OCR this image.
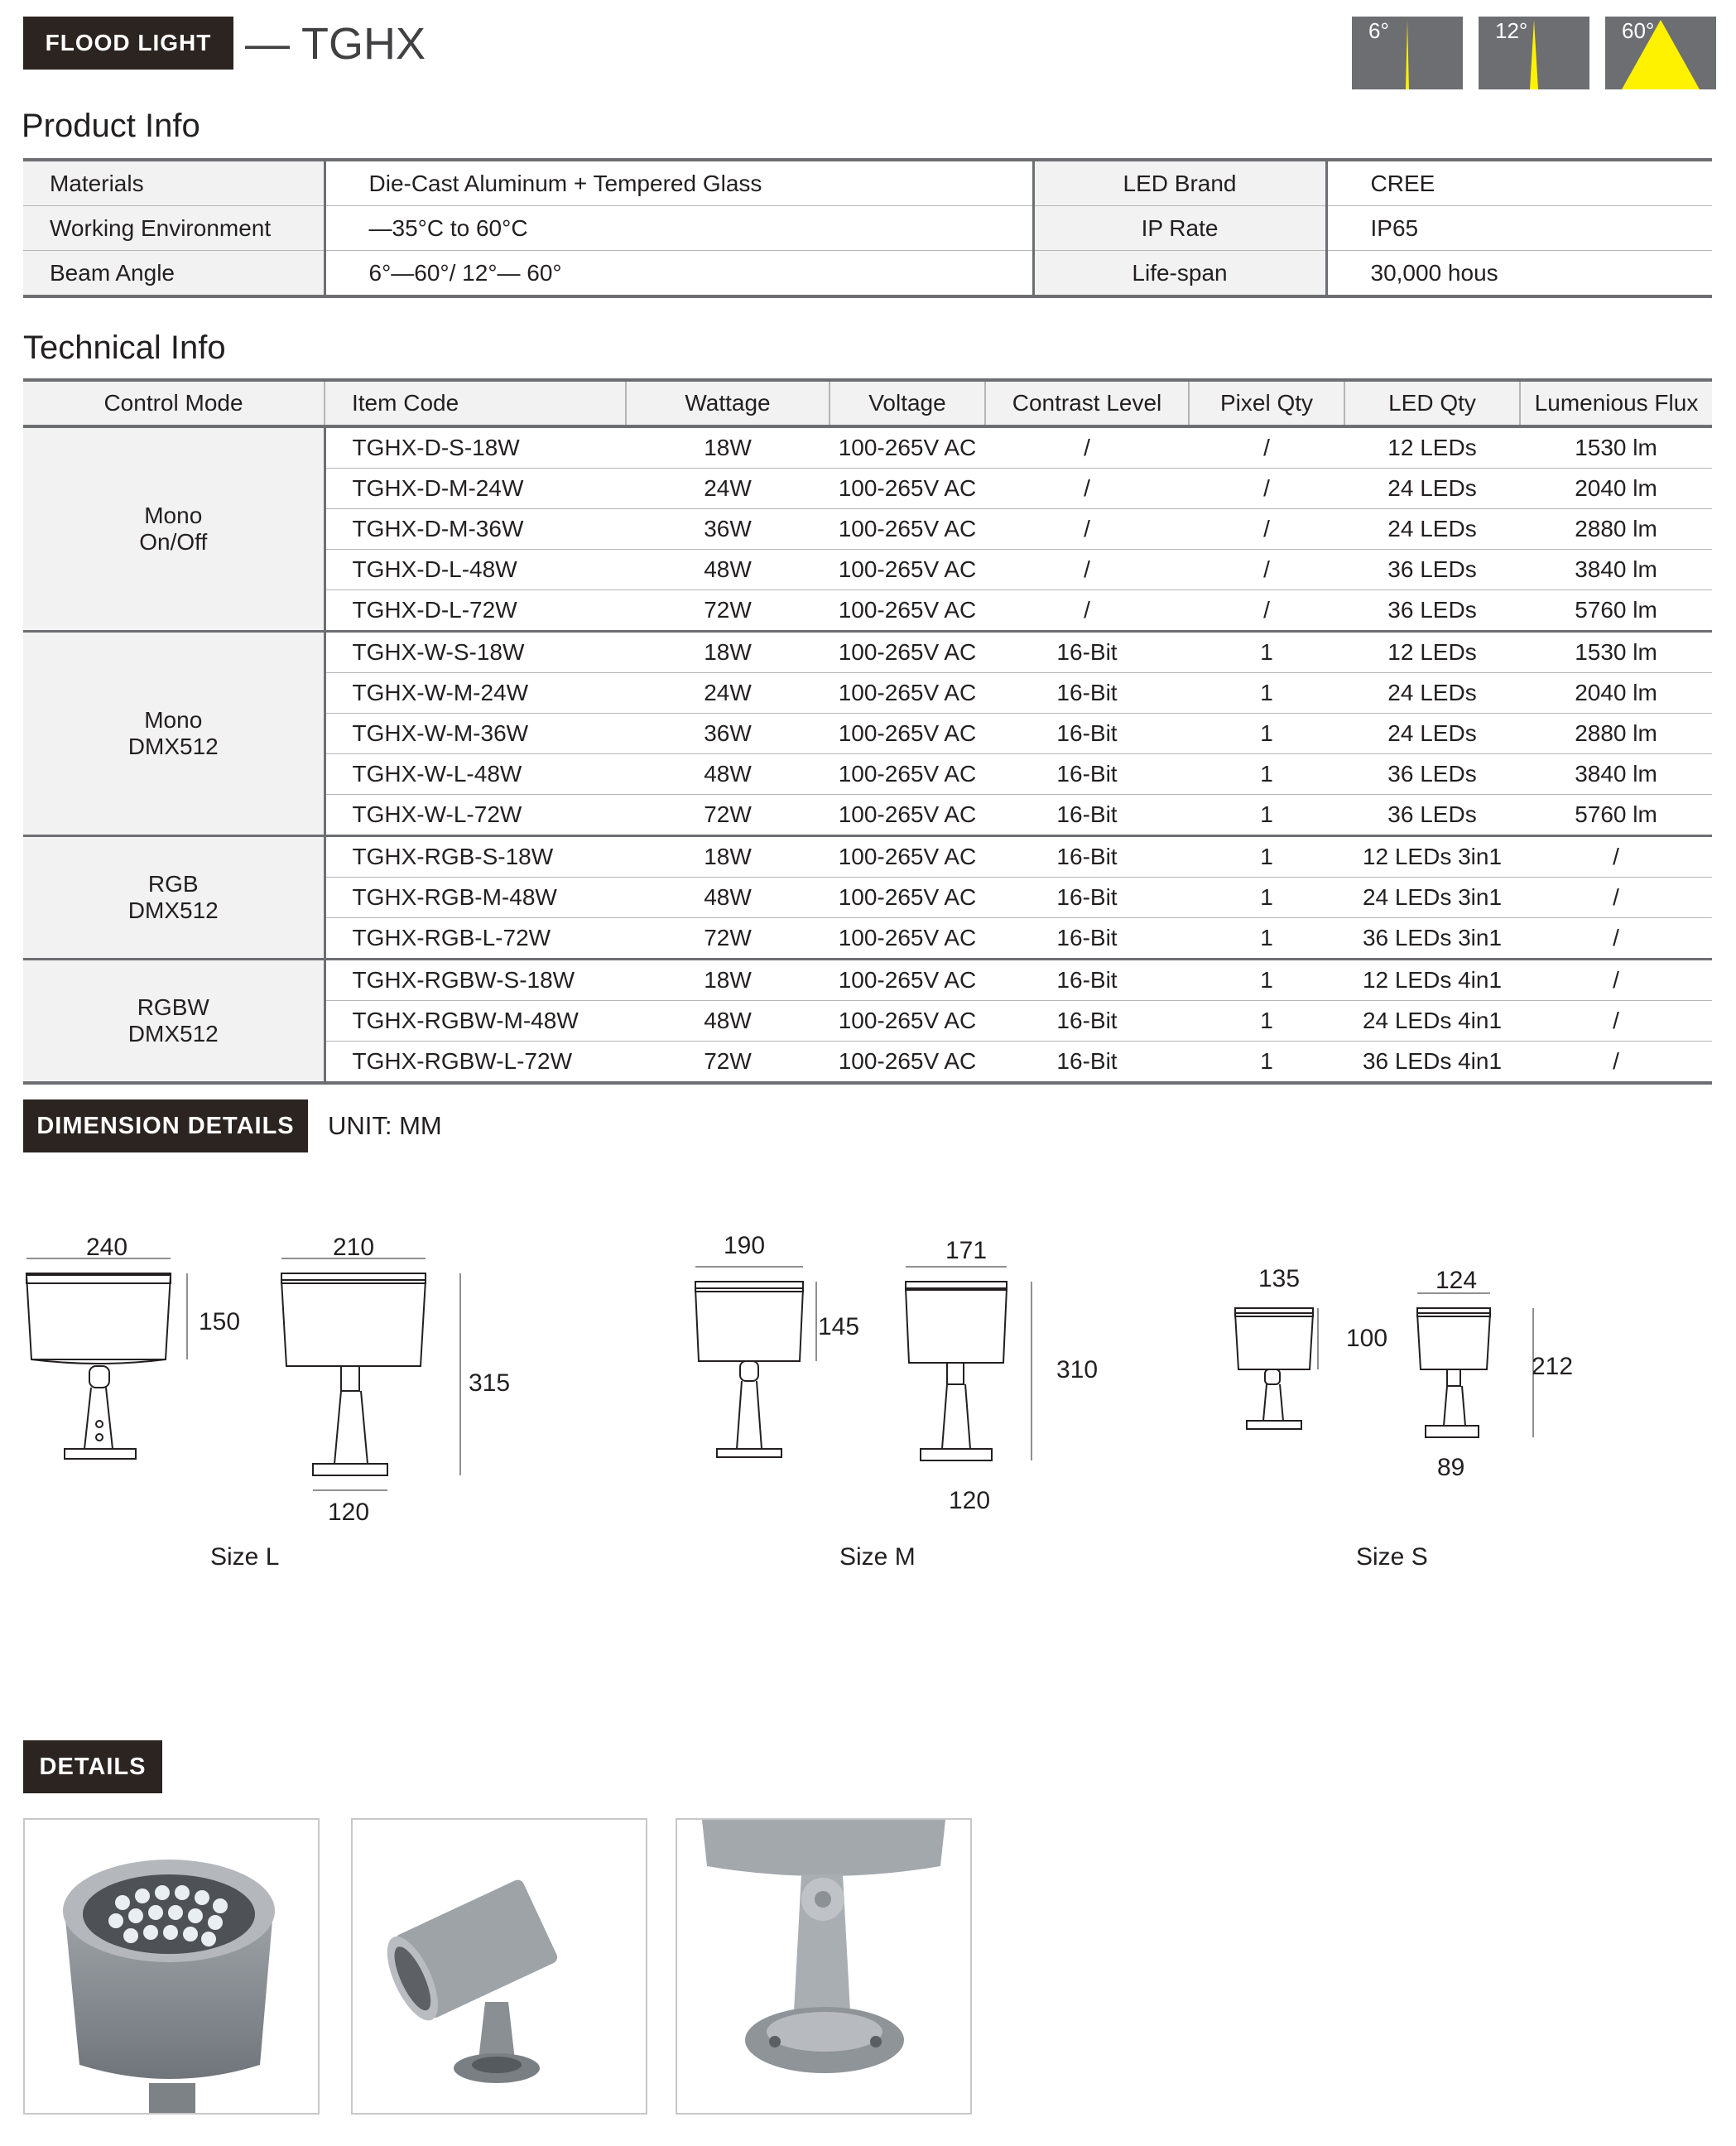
FLOOD LIGHT — TGHX	6°	12°	60°
Product Info
Materials	Die-Cast Aluminum + Tempered Glass	LED Brand	CREE
Working Environment	—35°C to 60°C	IP Rate	IP65
Beam Angle	6°—60°/ 12°— 60°	Life-span	30,000 hous
Technical Info
Control Mode	Item Code	Wattage	Voltage	Contrast Level	Pixel Qty	LED Qty	Lumenious Flux

Mono
On/Off	TGHX-D-S-18W	18W	100-265V AC	/	/	12 LEDs	1530 lm
	TGHX-D-M-24W	24W	100-265V AC	/	/	24 LEDs	2040 lm
	TGHX-D-M-36W	36W	100-265V AC	/	/	24 LEDs	2880 lm
	TGHX-D-L-48W	48W	100-265V AC	/	/	36 LEDs	3840 lm
	TGHX-D-L-72W	72W	100-265V AC	/	/	36 LEDs	5760 lm

Mono
DMX512	TGHX-W-S-18W	18W	100-265V AC	16-Bit	1	12 LEDs	1530 lm
	TGHX-W-M-24W	24W	100-265V AC	16-Bit	1	24 LEDs	2040 lm
	TGHX-W-M-36W	36W	100-265V AC	16-Bit	1	24 LEDs	2880 lm
	TGHX-W-L-48W	48W	100-265V AC	16-Bit	1	36 LEDs	3840 lm
	TGHX-W-L-72W	72W	100-265V AC	16-Bit	1	36 LEDs	5760 lm

RGB
DMX512	TGHX-RGB-S-18W	18W	100-265V AC	16-Bit	1	12 LEDs 3in1	/
	TGHX-RGB-M-48W	48W	100-265V AC	16-Bit	1	24 LEDs 3in1	/
	TGHX-RGB-L-72W	72W	100-265V AC	16-Bit	1	36 LEDs 3in1	/

RGBW
DMX512	TGHX-RGBW-S-18W	18W	100-265V AC	16-Bit	1	12 LEDs 4in1	/
	TGHX-RGBW-M-48W	48W	100-265V AC	16-Bit	1	24 LEDs 4in1	/
	TGHX-RGBW-L-72W	72W	100-265V AC	16-Bit	1	36 LEDs 4in1	/
DIMENSION DETAILS UNIT: MM
240
150
210
315
120
Size L
190
145
171
310
120
Size M
135
100
124
212
89
Size S
DETAILS
